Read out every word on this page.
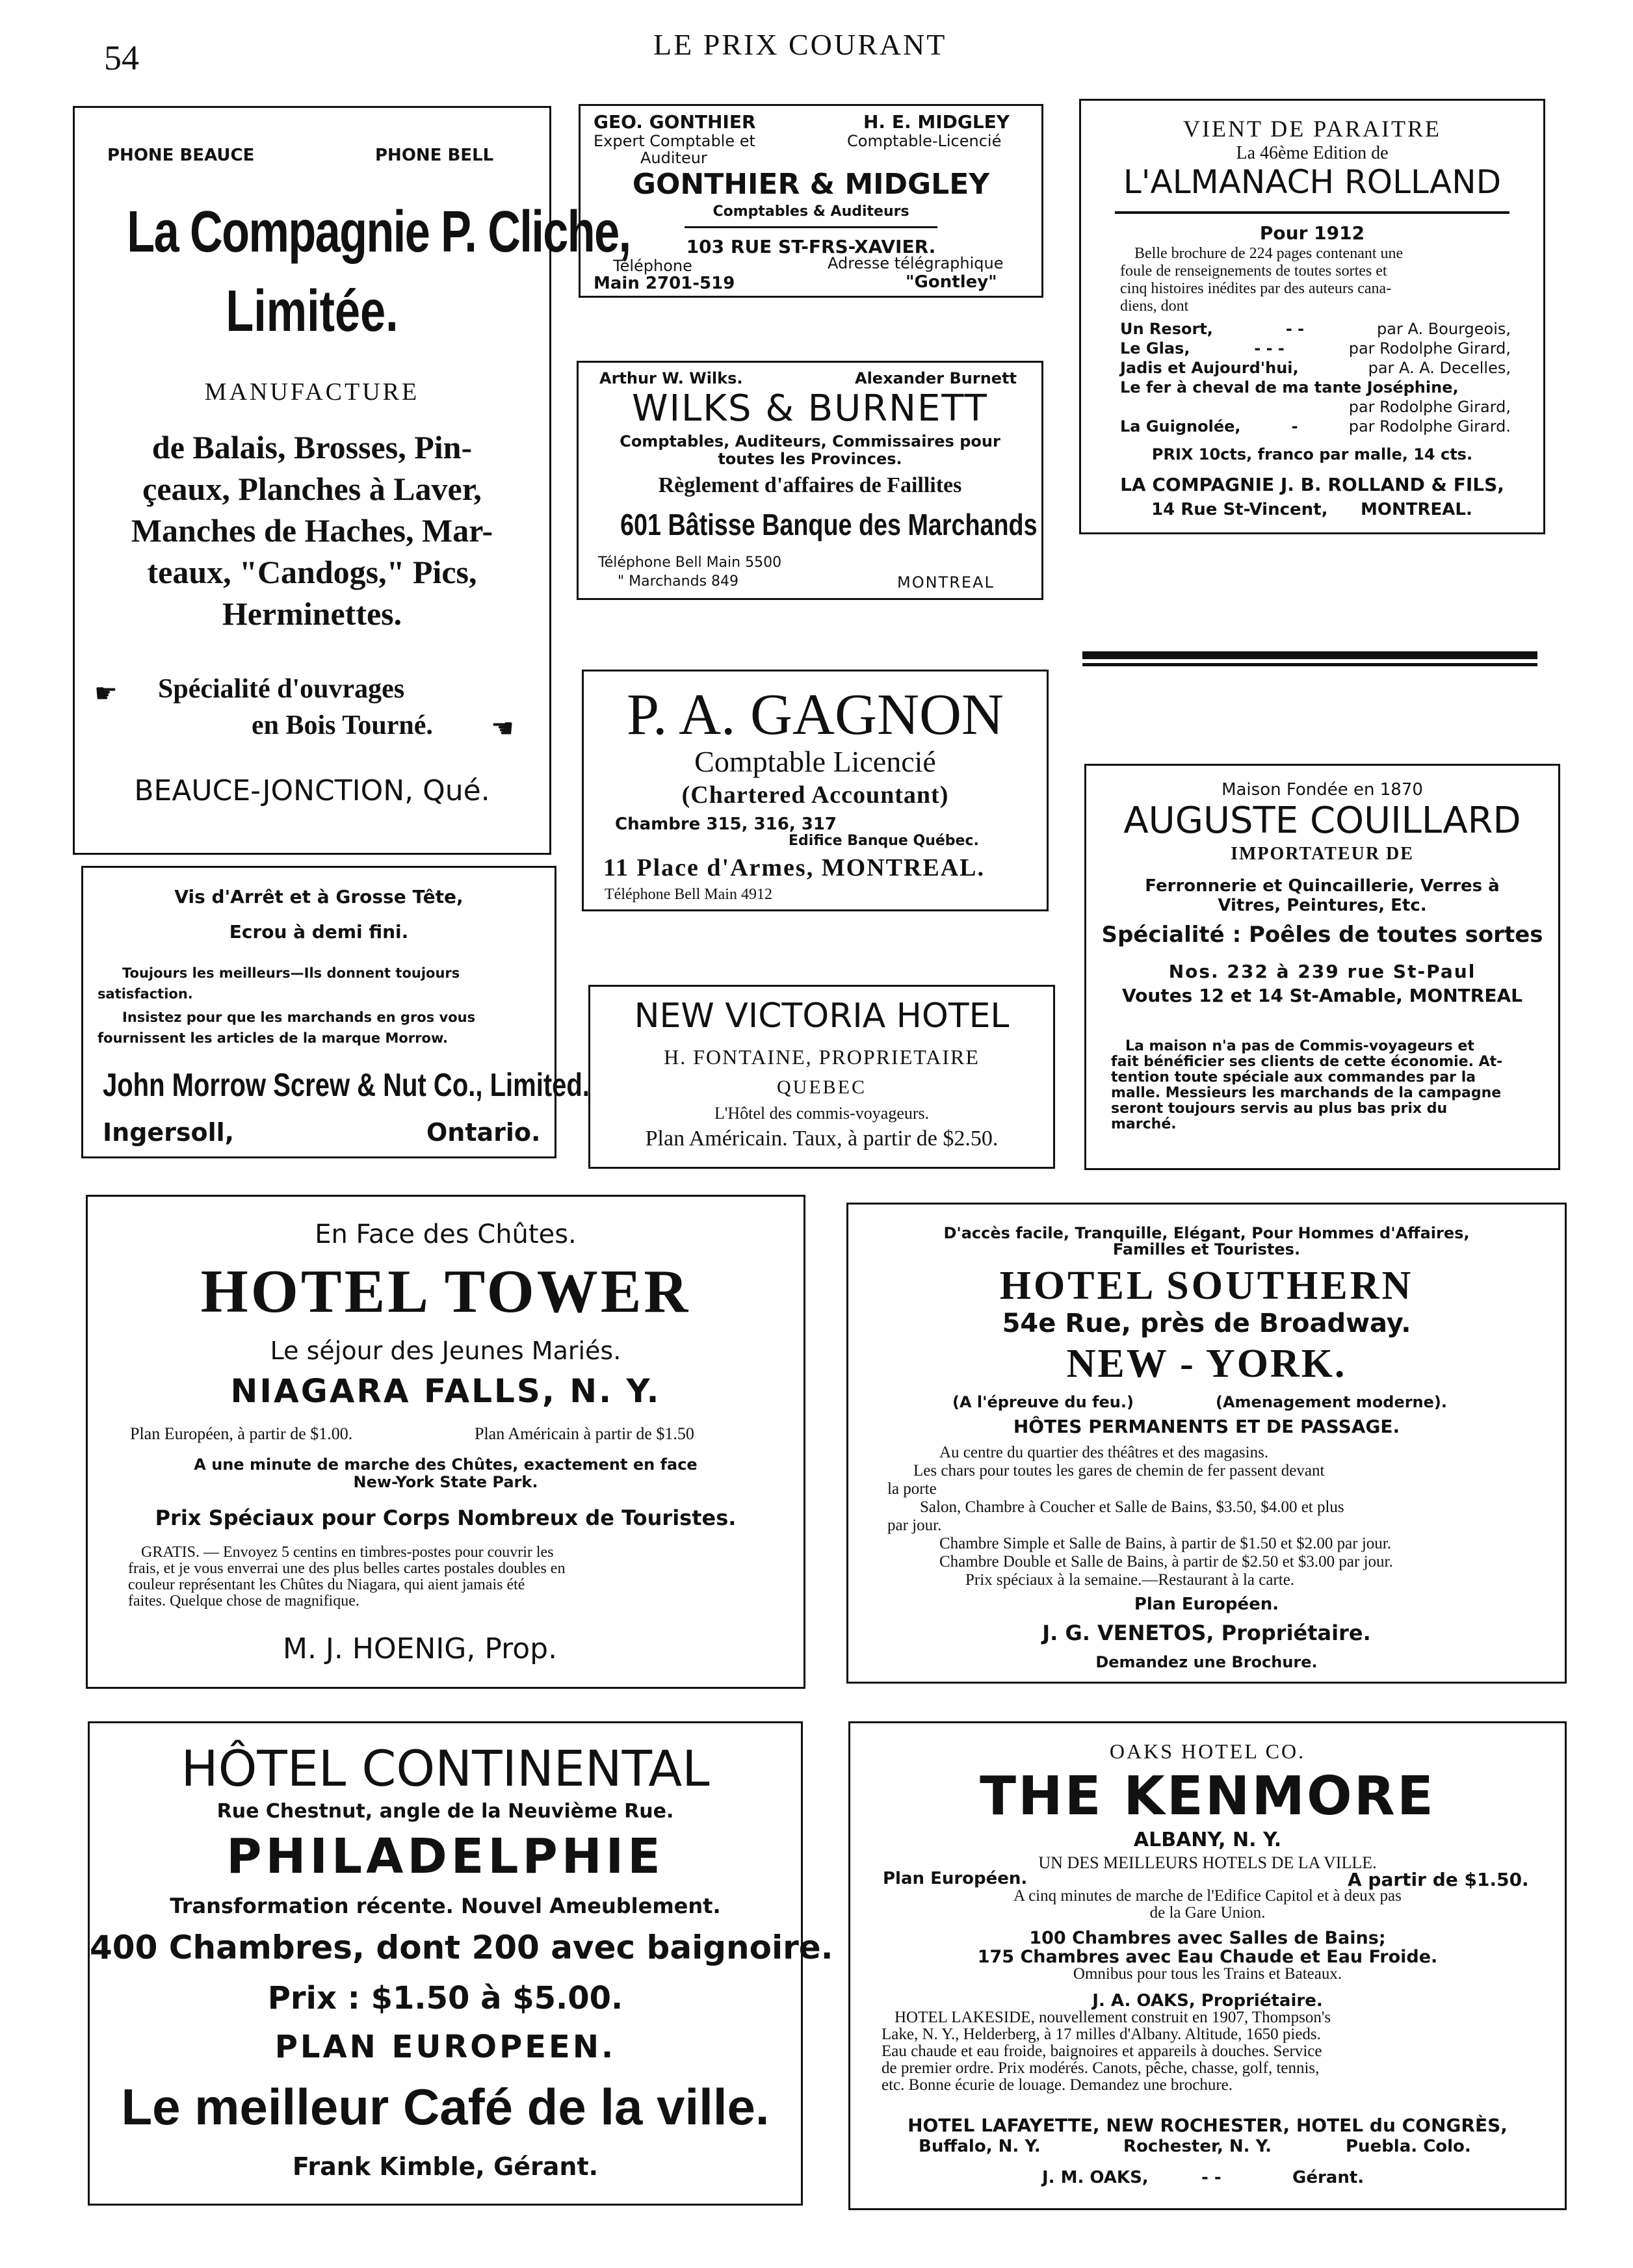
54	LE PRIX COURANT
PHONE BEAUCE	PHONE BELL
La Compagnie P. Cliche,
Limitée.
MANUFACTURE
de Balais, Brosses, Pin-
çeaux, Planches à Laver,
Manches de Haches, Mar-
teaux, "Candogs," Pics,
Herminettes.
☛ Spécialité d'ouvrages
en Bois Tourné. ☚
BEAUCE-JONCTION, Qué.
Vis d'Arrêt et à Grosse Tête,
Ecrou à demi fini.
Toujours les meilleurs—Ils donnent toujours
satisfaction.
Insistez pour que les marchands en gros vous
fournissent les articles de la marque Morrow.
John Morrow Screw & Nut Co., Limited.
Ingersoll,	Ontario.
GEO. GONTHIER
Expert Comptable et
Auditeur
H. E. MIDGLEY
Comptable-Licencié
GONTHIER & MIDGLEY
Comptables & Auditeurs
103 RUE ST-FRS-XAVIER.
Téléphone
Main 2701-519
Adresse télégraphique
"Gontley"
Arthur W. Wilks.	Alexander Burnett
WILKS & BURNETT
Comptables, Auditeurs, Commissaires pour
toutes les Provinces.
Règlement d'affaires de Faillites
601 Bâtisse Banque des Marchands
Téléphone Bell Main 5500
" Marchands 849	MONTREAL
P. A. GAGNON
Comptable Licencié
(Chartered Accountant)
Chambre 315, 316, 317
Edifice Banque Québec.
11 Place d'Armes, MONTREAL.
Téléphone Bell Main 4912
NEW VICTORIA HOTEL
H. FONTAINE, PROPRIETAIRE
QUEBEC
L'Hôtel des commis-voyageurs.
Plan Américain. Taux, à partir de $2.50.
VIENT DE PARAITRE
La 46ème Edition de
L'ALMANACH ROLLAND
Pour 1912
Belle brochure de 224 pages contenant une
foule de renseignements de toutes sortes et
cinq histoires inédites par des auteurs cana-
diens, dont
Un Resort,	- -	par A. Bourgeois,
Le Glas,	- - -	par Rodolphe Girard,
Jadis et Aujourd'hui,	par A. A. Decelles,
Le fer à cheval de ma tante Joséphine,
par Rodolphe Girard,
La Guignolée,	-	par Rodolphe Girard.
PRIX 10cts, franco par malle, 14 cts.
LA COMPAGNIE J. B. ROLLAND & FILS,
14 Rue St-Vincent, MONTREAL.
Maison Fondée en 1870
AUGUSTE COUILLARD
IMPORTATEUR DE
Ferronnerie et Quincaillerie, Verres à
Vitres, Peintures, Etc.
Spécialité : Poêles de toutes sortes
Nos. 232 à 239 rue St-Paul
Voutes 12 et 14 St-Amable, MONTREAL
La maison n'a pas de Commis-voyageurs et
fait bénéficier ses clients de cette économie. At-
tention toute spéciale aux commandes par la
malle. Messieurs les marchands de la campagne
seront toujours servis au plus bas prix du
marché.
En Face des Chûtes.
HOTEL TOWER
Le séjour des Jeunes Mariés.
NIAGARA FALLS, N. Y.
Plan Européen, à partir de $1.00.	Plan Américain à partir de $1.50
A une minute de marche des Chûtes, exactement en face
New-York State Park.
Prix Spéciaux pour Corps Nombreux de Touristes.
GRATIS. — Envoyez 5 centins en timbres-postes pour couvrir les
frais, et je vous enverrai une des plus belles cartes postales doubles en
couleur représentant les Chûtes du Niagara, qui aient jamais été
faites. Quelque chose de magnifique.
M. J. HOENIG, Prop.
D'accès facile, Tranquille, Elégant, Pour Hommes d'Affaires,
Familles et Touristes.
HOTEL SOUTHERN
54e Rue, près de Broadway.
NEW - YORK.
(A l'épreuve du feu.)	(Amenagement moderne).
HÔTES PERMANENTS ET DE PASSAGE.
Au centre du quartier des théâtres et des magasins.
Les chars pour toutes les gares de chemin de fer passent devant
la porte
Salon, Chambre à Coucher et Salle de Bains, $3.50, $4.00 et plus
par jour.
Chambre Simple et Salle de Bains, à partir de $1.50 et $2.00 par jour.
Chambre Double et Salle de Bains, à partir de $2.50 et $3.00 par jour.
Prix spéciaux à la semaine.—Restaurant à la carte.
Plan Européen.
J. G. VENETOS, Propriétaire.
Demandez une Brochure.
HÔTEL CONTINENTAL
Rue Chestnut, angle de la Neuvième Rue.
PHILADELPHIE
Transformation récente. Nouvel Ameublement.
400 Chambres, dont 200 avec baignoire.
Prix : $1.50 à $5.00.
PLAN EUROPEEN.
Le meilleur Café de la ville.
Frank Kimble, Gérant.
OAKS HOTEL CO.
THE KENMORE
ALBANY, N. Y.
UN DES MEILLEURS HOTELS DE LA VILLE.
Plan Européen.	A partir de $1.50.
A cinq minutes de marche de l'Edifice Capitol et à deux pas
de la Gare Union.
100 Chambres avec Salles de Bains;
175 Chambres avec Eau Chaude et Eau Froide.
Omnibus pour tous les Trains et Bateaux.
J. A. OAKS, Propriétaire.
HOTEL LAKESIDE, nouvellement construit en 1907, Thompson's
Lake, N. Y., Helderberg, à 17 milles d'Albany. Altitude, 1650 pieds.
Eau chaude et eau froide, baignoires et appareils à douches. Service
de premier ordre. Prix modérés. Canots, pêche, chasse, golf, tennis,
etc. Bonne écurie de louage. Demandez une brochure.
HOTEL LAFAYETTE, NEW ROCHESTER, HOTEL du CONGRÈS,
Buffalo, N. Y.	Rochester, N. Y.	Puebla. Colo.
J. M. OAKS,	- -	Gérant.
